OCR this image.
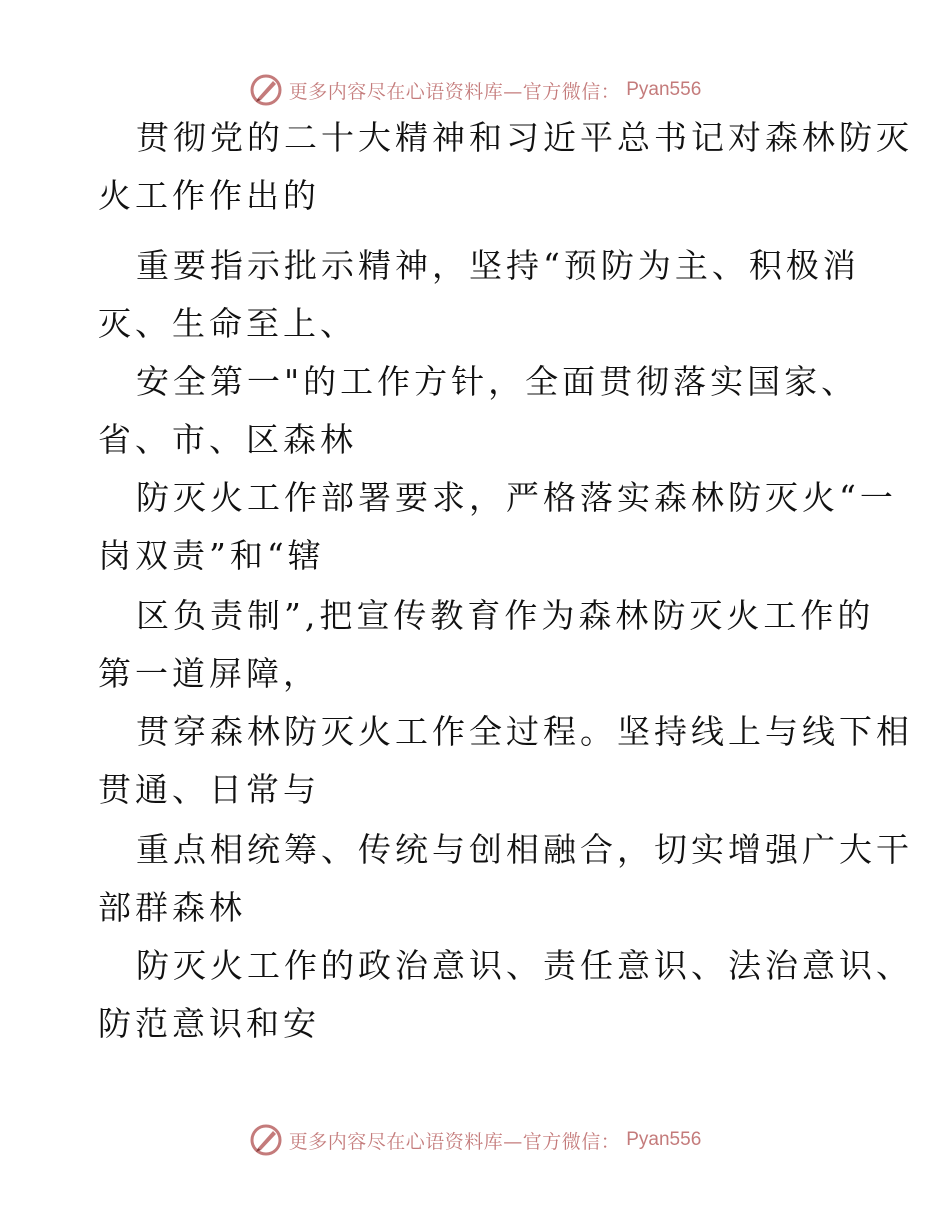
更多内容尽在心语资料库—官方微信： Pyan556
贯彻党的二十大精神和习近平总书记对森林防灭
火工作作出的
重要指示批示精神，坚持“预防为主、积极消
灭、生命至上、
安全第一"的工作方针，全面贯彻落实国家、
省、市、区森林
防灭火工作部署要求，严格落实森林防灭火“一
岗双责”和“辖
区负责制”,把宣传教育作为森林防灭火工作的
第一道屏障，
贯穿森林防灭火工作全过程。坚持线上与线下相
贯通、日常与
重点相统筹、传统与创相融合，切实增强广大干
部群森林
防灭火工作的政治意识、责任意识、法治意识、
防范意识和安
更多内容尽在心语资料库—官方微信： Pyan556
